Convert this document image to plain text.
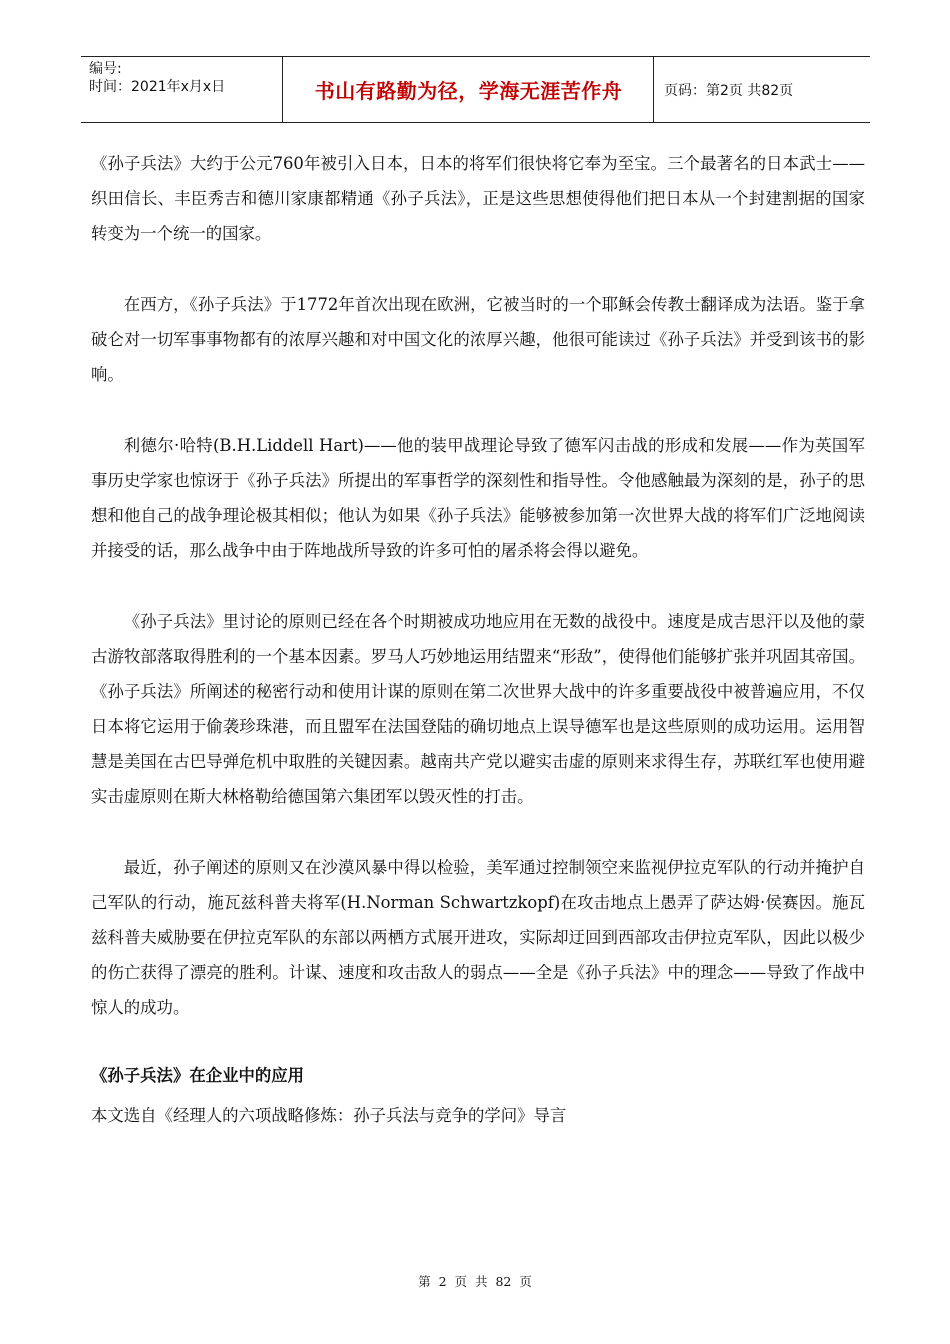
编号:
时间：2021年x月x日	书山有路勤为径，学海无涯苦作舟	页码：第2页 共82页

《孙子兵法》大约于公元760年被引入日本，日本的将军们很快将它奉为至宝。三个最著名的日本武士——织田信长、丰臣秀吉和德川家康都精通《孙子兵法》，正是这些思想使得他们把日本从一个封建割据的国家转变为一个统一的国家。

在西方，《孙子兵法》于1772年首次出现在欧洲，它被当时的一个耶稣会传教士翻译成为法语。鉴于拿破仑对一切军事事物都有的浓厚兴趣和对中国文化的浓厚兴趣，他很可能读过《孙子兵法》并受到该书的影响。

利德尔·哈特(B.H.Liddell Hart)——他的装甲战理论导致了德军闪击战的形成和发展——作为英国军事历史学家也惊讶于《孙子兵法》所提出的军事哲学的深刻性和指导性。令他感触最为深刻的是，孙子的思想和他自己的战争理论极其相似；他认为如果《孙子兵法》能够被参加第一次世界大战的将军们广泛地阅读并接受的话，那么战争中由于阵地战所导致的许多可怕的屠杀将会得以避免。

《孙子兵法》里讨论的原则已经在各个时期被成功地应用在无数的战役中。速度是成吉思汗以及他的蒙古游牧部落取得胜利的一个基本因素。罗马人巧妙地运用结盟来“形敌”，使得他们能够扩张并巩固其帝国。《孙子兵法》所阐述的秘密行动和使用计谋的原则在第二次世界大战中的许多重要战役中被普遍应用，不仅日本将它运用于偷袭珍珠港，而且盟军在法国登陆的确切地点上误导德军也是这些原则的成功运用。运用智慧是美国在古巴导弹危机中取胜的关键因素。越南共产党以避实击虚的原则来求得生存，苏联红军也使用避实击虚原则在斯大林格勒给德国第六集团军以毁灭性的打击。

最近，孙子阐述的原则又在沙漠风暴中得以检验，美军通过控制领空来监视伊拉克军队的行动并掩护自己军队的行动，施瓦兹科普夫将军(H.Norman Schwartzkopf)在攻击地点上愚弄了萨达姆·侯赛因。施瓦兹科普夫威胁要在伊拉克军队的东部以两栖方式展开进攻，实际却迂回到西部攻击伊拉克军队，因此以极少的伤亡获得了漂亮的胜利。计谋、速度和攻击敌人的弱点——全是《孙子兵法》中的理念——导致了作战中惊人的成功。

《孙子兵法》在企业中的应用
本文选自《经理人的六项战略修炼：孙子兵法与竞争的学问》导言
第 2 页 共 82 页
